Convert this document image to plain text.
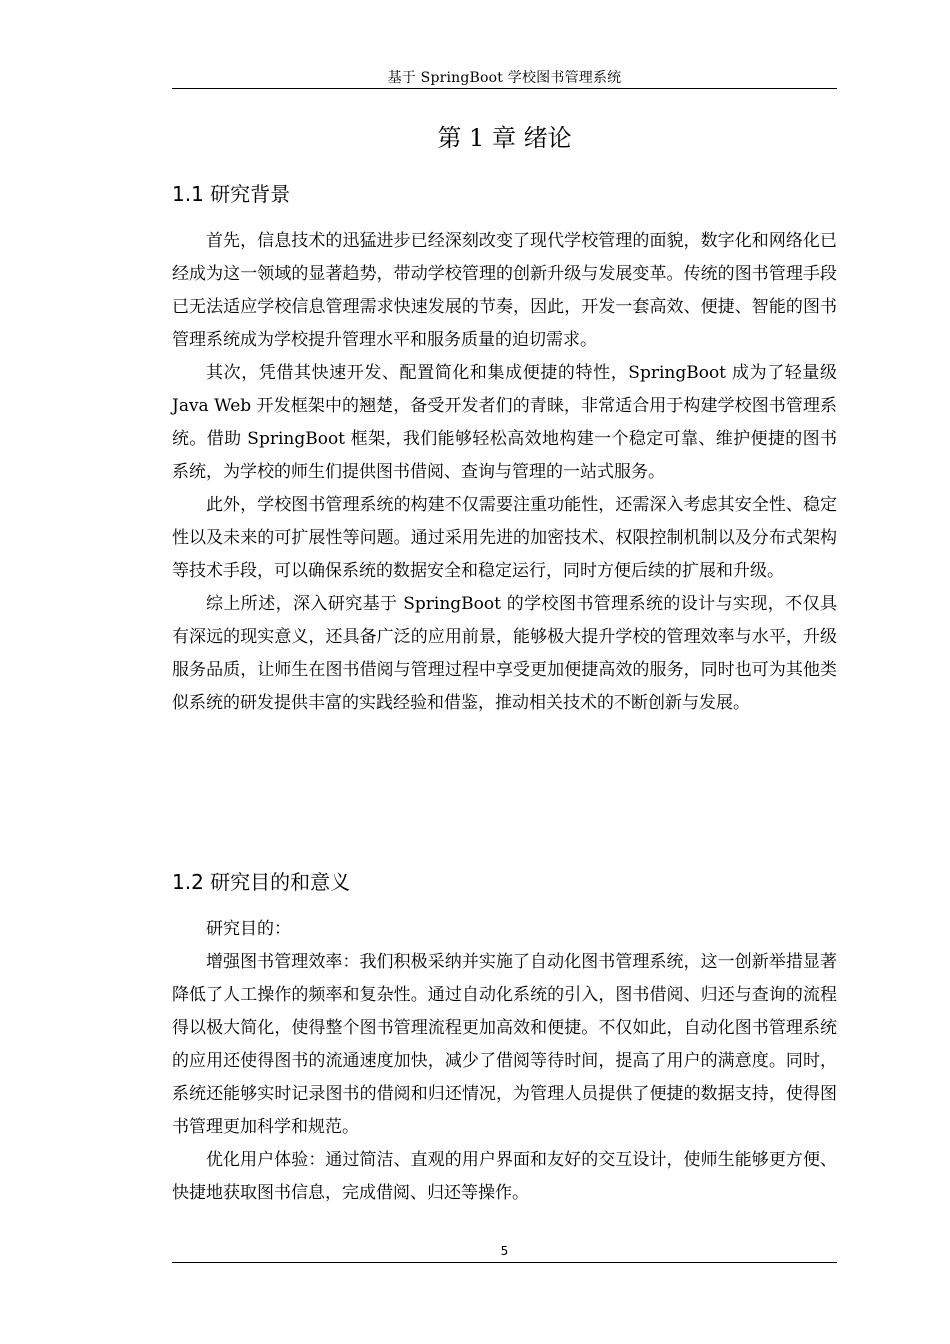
基于 SpringBoot 学校图书管理系统
第 1 章 绪论
1.1 研究背景

首先，信息技术的迅猛进步已经深刻改变了现代学校管理的面貌，数字化和网络化已经成为这一领域的显著趋势，带动学校管理的创新升级与发展变革。传统的图书管理手段已无法适应学校信息管理需求快速发展的节奏，因此，开发一套高效、便捷、智能的图书管理系统成为学校提升管理水平和服务质量的迫切需求。

其次，凭借其快速开发、配置简化和集成便捷的特性，SpringBoot 成为了轻量级 Java Web 开发框架中的翘楚，备受开发者们的青睐，非常适合用于构建学校图书管理系统。借助 SpringBoot 框架，我们能够轻松高效地构建一个稳定可靠、维护便捷的图书系统，为学校的师生们提供图书借阅、查询与管理的一站式服务。

此外，学校图书管理系统的构建不仅需要注重功能性，还需深入考虑其安全性、稳定性以及未来的可扩展性等问题。通过采用先进的加密技术、权限控制机制以及分布式架构等技术手段，可以确保系统的数据安全和稳定运行，同时方便后续的扩展和升级。

综上所述，深入研究基于 SpringBoot 的学校图书管理系统的设计与实现，不仅具有深远的现实意义，还具备广泛的应用前景，能够极大提升学校的管理效率与水平，升级服务品质，让师生在图书借阅与管理过程中享受更加便捷高效的服务，同时也可为其他类似系统的研发提供丰富的实践经验和借鉴，推动相关技术的不断创新与发展。

1.2 研究目的和意义

研究目的：

增强图书管理效率：我们积极采纳并实施了自动化图书管理系统，这一创新举措显著降低了人工操作的频率和复杂性。通过自动化系统的引入，图书借阅、归还与查询的流程得以极大简化，使得整个图书管理流程更加高效和便捷。不仅如此，自动化图书管理系统的应用还使得图书的流通速度加快，减少了借阅等待时间，提高了用户的满意度。同时，系统还能够实时记录图书的借阅和归还情况，为管理人员提供了便捷的数据支持，使得图书管理更加科学和规范。

优化用户体验：通过简洁、直观的用户界面和友好的交互设计，使师生能够更方便、快捷地获取图书信息，完成借阅、归还等操作。

5
